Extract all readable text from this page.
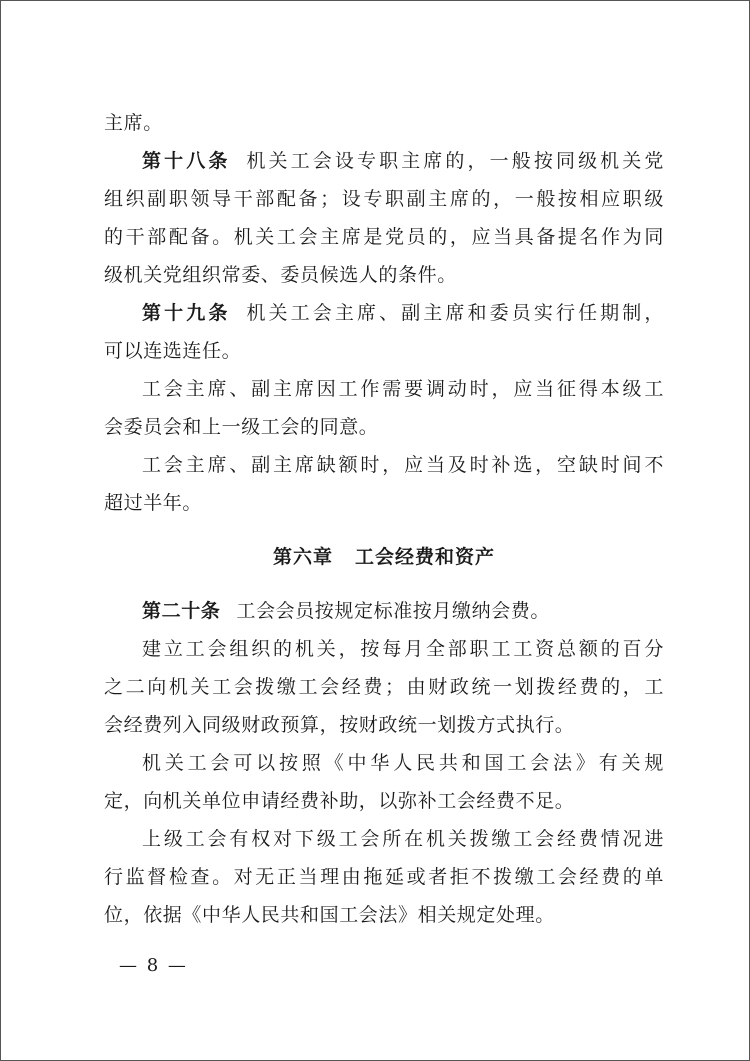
主席。
第十八条 机关工会设专职主席的，一般按同级机关党
组织副职领导干部配备；设专职副主席的，一般按相应职级
的干部配备。机关工会主席是党员的，应当具备提名作为同
级机关党组织常委、委员候选人的条件。
第十九条 机关工会主席、副主席和委员实行任期制，
可以连选连任。
工会主席、副主席因工作需要调动时，应当征得本级工
会委员会和上一级工会的同意。
工会主席、副主席缺额时，应当及时补选，空缺时间不
超过半年。
第六章 工会经费和资产
第二十条 工会会员按规定标准按月缴纳会费。
建立工会组织的机关，按每月全部职工工资总额的百分
之二向机关工会拨缴工会经费；由财政统一划拨经费的，工
会经费列入同级财政预算，按财政统一划拨方式执行。
机关工会可以按照《中华人民共和国工会法》有关规
定，向机关单位申请经费补助，以弥补工会经费不足。
上级工会有权对下级工会所在机关拨缴工会经费情况进
行监督检查。对无正当理由拖延或者拒不拨缴工会经费的单
位，依据《中华人民共和国工会法》相关规定处理。
— 8 —
